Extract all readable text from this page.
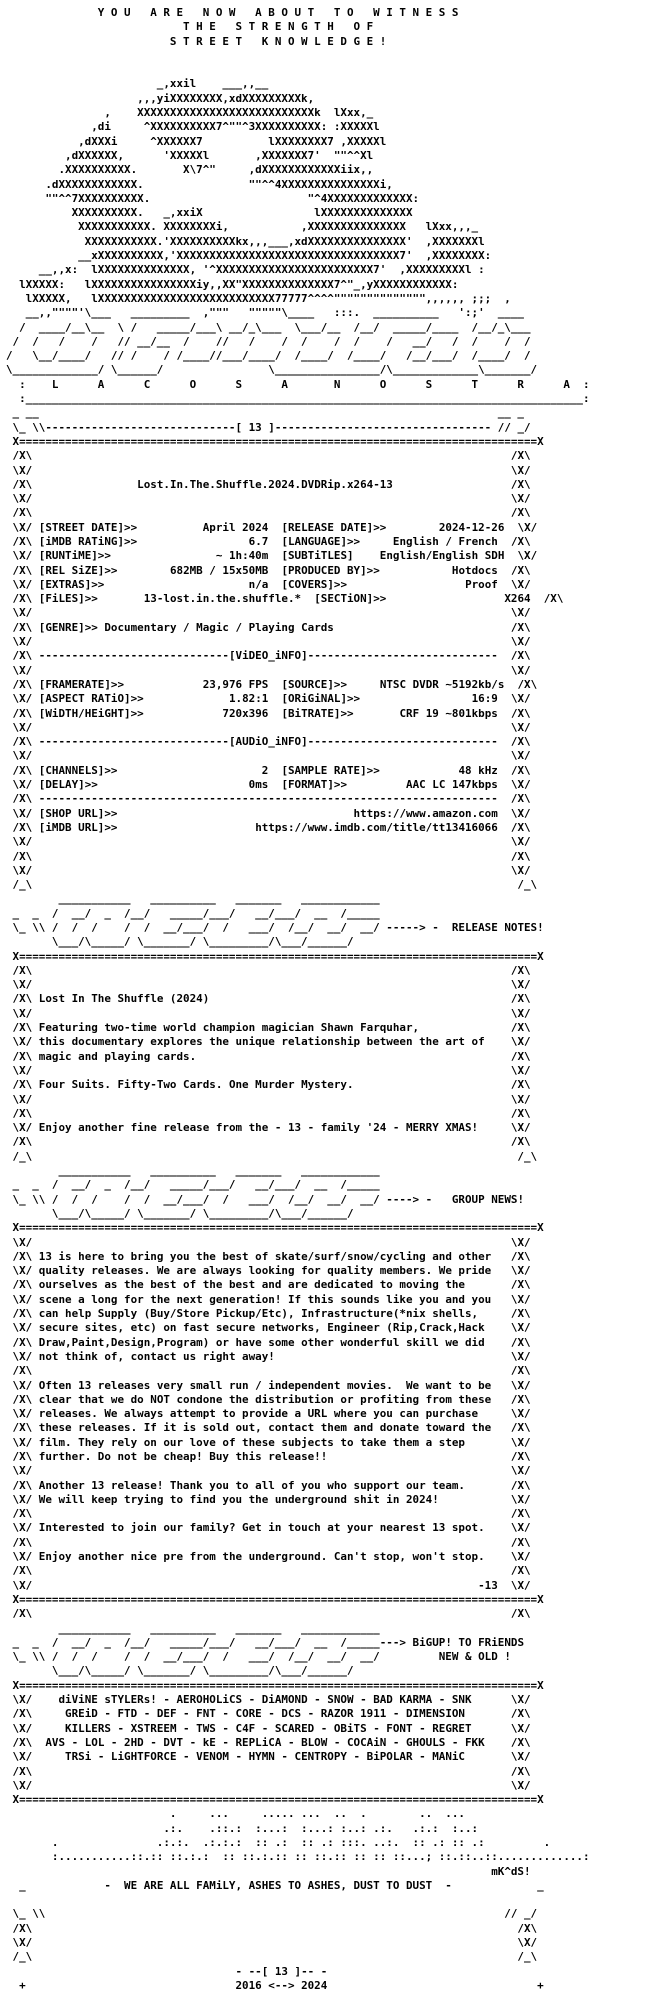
Y O U   A R E   N O W   A B O U T   T O   W I T N E S S
T H E   S T R E N G T H   O F
S T R E E T   K N O W L E D G E !

_,xxil    ___,,__
,,,yiXXXXXXXX,xdXXXXXXXXXk,
,    XXXXXXXXXXXXXXXXXXXXXXXXXXXk  lXxx,_
,di     ^XXXXXXXXXX7^""^3XXXXXXXXXX: :XXXXXl
,dXXXi     ^XXXXXX7          lXXXXXXXX7 ,XXXXXl
,dXXXXXX,      'XXXXXl       ,XXXXXXX7'  ""^^Xl
.XXXXXXXXXX.       X\7^"     ,dXXXXXXXXXXXXiix,,
.dXXXXXXXXXXXX.                ""^^4XXXXXXXXXXXXXXXi,
""^^7XXXXXXXXXX.                        "^4XXXXXXXXXXXXX:
XXXXXXXXXX.   _,xxiX                 lXXXXXXXXXXXXXX
XXXXXXXXXXX. XXXXXXXXi,           ,XXXXXXXXXXXXXXX   lXxx,,,_
XXXXXXXXXXX.'XXXXXXXXXXkx,,,___,xdXXXXXXXXXXXXXXX'  ,XXXXXXXl
__xXXXXXXXXXX,'XXXXXXXXXXXXXXXXXXXXXXXXXXXXXXXXXX7'  ,XXXXXXXX:
__,,x:  lXXXXXXXXXXXXXX, '^XXXXXXXXXXXXXXXXXXXXXXXX7'  ,XXXXXXXXXl :
lXXXXX:   lXXXXXXXXXXXXXXXXiy,,XX"XXXXXXXXXXXXXX7^"_,yXXXXXXXXXXXX:
lXXXXX,   lXXXXXXXXXXXXXXXXXXXXXXXXXXX77777^^^^"""""""""""""",,,,,, ;;;  ,
__,,""""'\___   _________  ,"""   """""\____   :::.  __________   ':;'  ____
/  ____/__\__  \ /   _____/___\ __/_\___  \___/__  /__/  _____/____  /__/_\___
/  /   /    /   // __/__  /    //   /    /  /    /  /    /   __/   /  /    /  /
/   \__/____/   // /    / /____//___/____/  /____/  /____/   /__/___/  /____/  /
\_____________/ \______/                \________________/\_____________\_______/
:    L      A      C      O      S      A       N      O      S      T      R      A  :
:_____________________________________________________________________________________:
_ __                                                                      __ _
\_ \\-----------------------------[ 13 ]--------------------------------- // _/
X===============================================================================X
/X\	/X\
\X/	\X/
/X\	Lost.In.The.Shuffle.2024.DVDRip.x264-13	/X\
\X/	\X/
/X\	/X\
\X/ [STREET DATE]>>	April 2024 [RELEASE DATE]>>	2024-12-26  \X/
/X\ [iMDB RATiNG]>>	6.7 [LANGUAGE]>>	English / French  /X\
\X/ [RUNTiME]>>	~ 1h:40m [SUBTiTLES] English/English SDH  \X/
/X\ [REL SiZE]>>	682MB / 15x50MB [PRODUCED BY]>>	Hotdocs  /X\
\X/ [EXTRAS]>>	n/a [COVERS]>>	Proof  \X/
/X\ [FiLES]>>	13-lost.in.the.shuffle.* [SECTiON]>>	X264  /X\
\X/	\X/
/X\ [GENRE]>> Documentary / Magic / Playing Cards	/X\
\X/	\X/
/X\ -----------------------------[ViDEO_iNFO]-----------------------------  /X\
\X/	\X/
/X\ [FRAMERATE]>>	23,976 FPS [SOURCE]>>	NTSC DVDR ~5192kb/s  /X\
\X/ [ASPECT RATiO]>>	1.82:1 [ORiGiNAL]>>	16:9  \X/
/X\ [WiDTH/HEiGHT]>>	720x396 [BiTRATE]>>	CRF 19 ~801kbps  /X\
\X/	\X/
/X\ -----------------------------[AUDiO_iNFO]-----------------------------  /X\
\X/	\X/
/X\ [CHANNELS]>>	2 [SAMPLE RATE]>>	48 kHz  /X\
\X/ [DELAY]>>	0ms [FORMAT]>>	AAC LC 147kbps  \X/
/X\ ----------------------------------------------------------------------  /X\
\X/ [SHOP URL]>>	https://www.amazon.com  \X/
/X\ [iMDB URL]>>	https://www.imdb.com/title/tt13416066  /X\
\X/	\X/
/X\	/X\
\X/	\X/
/_\                                                                          /_\
___________   __________   _______   ____________
_  _  /  __/  _  /__/   _____/___/   __/___/  __  /_____
\_ \\ /  /  /    /  /  __/___/  /   ___/  /__/  __/  __/ -----> -  RELEASE NOTES!
\___/\_____/ \_______/ \_________/\___/______/
X===============================================================================X
/X\	/X\
\X/	\X/
/X\ Lost In The Shuffle (2024)	/X\
\X/	\X/
/X\ Featuring two-time world champion magician Shawn Farquhar,	/X\
\X/ this documentary explores the unique relationship between the art of    \X/
/X\ magic and playing cards.	/X\
\X/	\X/
/X\ Four Suits. Fifty-Two Cards. One Murder Mystery.	/X\
\X/	\X/
/X\	/X\
\X/ Enjoy another fine release from the - 13 - family '24 - MERRY XMAS!     \X/
/X\	/X\
/_\                                                                          /_\
___________   __________   _______   ____________
_  _  /  __/  _  /__/   _____/___/   __/___/  __  /_____
\_ \\ /  /  /    /  /  __/___/  /   ___/  /__/  __/  __/ ----> -   GROUP NEWS!
\___/\_____/ \_______/ \_________/\___/______/
X===============================================================================X
\X/	\X/
/X\ 13 is here to bring you the best of skate/surf/snow/cycling and other   /X\
\X/ quality releases. We are always looking for quality members. We pride   \X/
/X\ ourselves as the best of the best and are dedicated to moving the	/X\
\X/ scene a long for the next generation! If this sounds like you and you   \X/
/X\ can help Supply (Buy/Store Pickup/Etc), Infrastructure(*nix shells,     /X\
\X/ secure sites, etc) on fast secure networks, Engineer (Rip,Crack,Hack    \X/
/X\ Draw,Paint,Design,Program) or have some other wonderful skill we did    /X\
\X/ not think of, contact us right away!	\X/
/X\	/X\
\X/ Often 13 releases very small run / independent movies.  We want to be   \X/
/X\ clear that we do NOT condone the distribution or profiting from these   /X\
\X/ releases. We always attempt to provide a URL where you can purchase     \X/
/X\ these releases. If it is sold out, contact them and donate toward the   /X\
\X/ film. They rely on our love of these subjects to take them a step	\X/
/X\ further. Do not be cheap! Buy this release!!	/X\
\X/	\X/
/X\ Another 13 release! Thank you to all of you who support our team.	/X\
\X/ We will keep trying to find you the underground shit in 2024!	\X/
/X\	/X\
\X/ Interested to join our family? Get in touch at your nearest 13 spot.    \X/
/X\	/X\
\X/ Enjoy another nice pre from the underground. Can't stop, won't stop.    \X/
/X\	/X\
\X/	-13  \X/
X===============================================================================X
/X\	/X\
___________   __________   _______   ____________
_  _  /  __/  _  /__/   _____/___/   __/___/  __  /_____---> BiGUP! TO FRiENDS
\_ \\ /  /  /    /  /  __/___/  /   ___/  /__/  __/  __/         NEW & OLD !
\___/\_____/ \_______/ \_________/\___/______/
X===============================================================================X
\X/    diViNE sTYLERs! - AEROHOLiCS - DiAMOND - SNOW - BAD KARMA - SNK      \X/
/X\     GREiD - FTD - DEF - FNT - CORE - DCS - RAZOR 1911 - DIMENSION	/X\
\X/     KILLERS - XSTREEM - TWS - C4F - SCARED - OBiTS - FONT - REGRET      \X/
/X\  AVS - LOL - 2HD - DVT - kE - REPLiCA - BLOW - COCAiN - GHOULS - FKK    /X\
\X/     TRSi - LiGHTFORCE - VENOM - HYMN - CENTROPY - BiPOLAR - MANiC	\X/
/X\	/X\
\X/	\X/
X===============================================================================X
.     ...     ..... ...  ..  .        ..  ...
.:.    .::.:  :...:  :...: :..: .:.   .:.:  :..:
.               .:.:.  .:.:.:  :: .:  :: .: :::. ..:.  :: .: :: .:         .
:...........::.:: ::.:.:  :: ::.:.:: :: ::.:: :: :: ::...; ::.::..::.............:
mK^dS!
_	-  WE ARE ALL FAMiLY, ASHES TO ASHES, DUST TO DUST  -	_

\_ \\                                                                      // _/
/X\                                                                          /X\
\X/                                                                          \X/
/_\                                                                          /_\
- --[ 13 ]-- -
+	2016 <--> 2024	+
